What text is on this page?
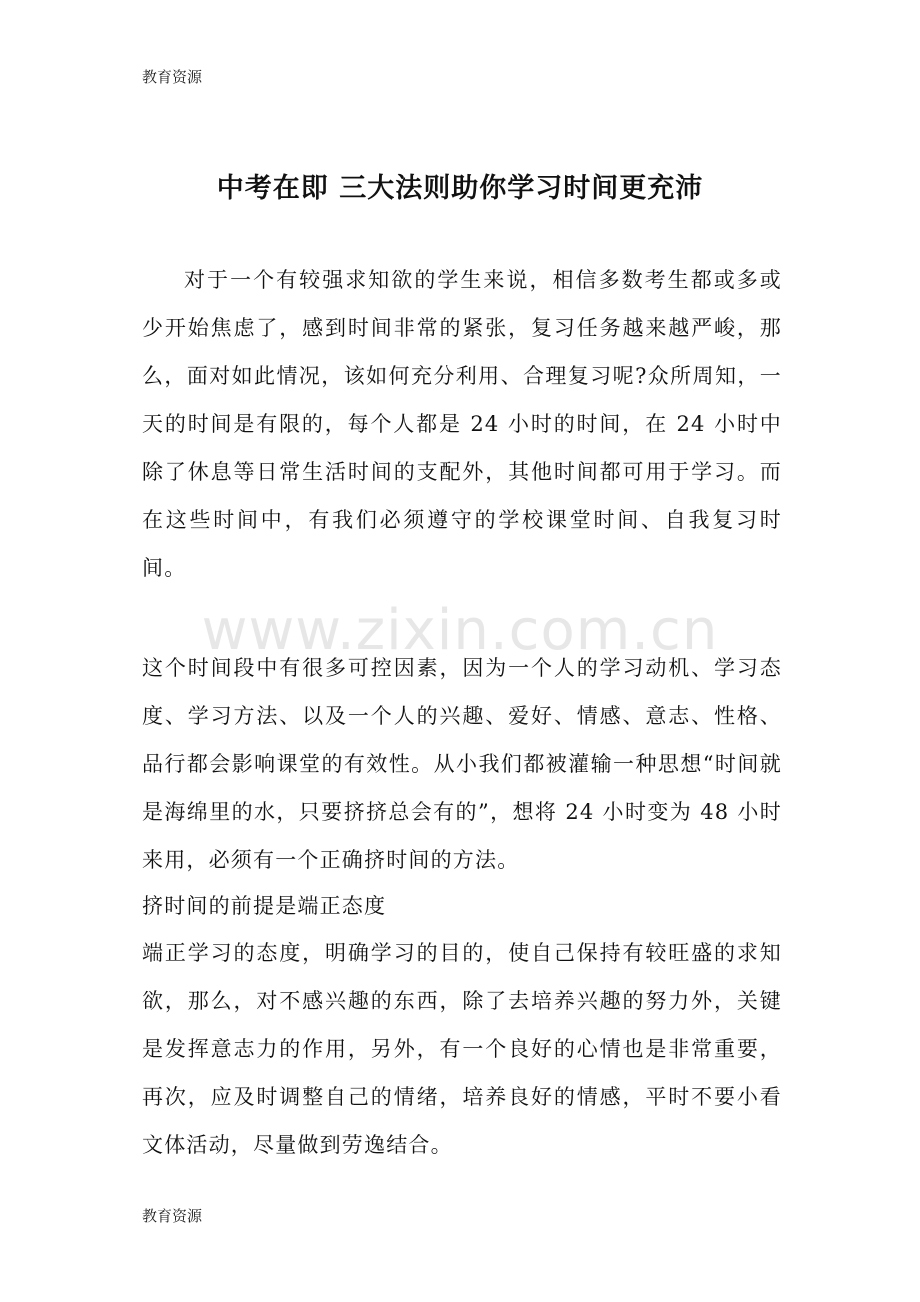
教育资源
中考在即 三大法则助你学习时间更充沛

对于一个有较强求知欲的学生来说，相信多数考生都或多或少开始焦虑了，感到时间非常的紧张，复习任务越来越严峻，那么，面对如此情况，该如何充分利用、合理复习呢?众所周知，一天的时间是有限的，每个人都是 24 小时的时间，在 24 小时中除了休息等日常生活时间的支配外，其他时间都可用于学习。而在这些时间中，有我们必须遵守的学校课堂时间、自我复习时间。

www.zixin.com.cn

这个时间段中有很多可控因素，因为一个人的学习动机、学习态度、学习方法、以及一个人的兴趣、爱好、情感、意志、性格、品行都会影响课堂的有效性。从小我们都被灌输一种思想“时间就是海绵里的水，只要挤挤总会有的”，想将 24 小时变为 48 小时来用，必须有一个正确挤时间的方法。

挤时间的前提是端正态度

端正学习的态度，明确学习的目的，使自己保持有较旺盛的求知欲，那么，对不感兴趣的东西，除了去培养兴趣的努力外，关键是发挥意志力的作用，另外，有一个良好的心情也是非常重要，再次，应及时调整自己的情绪，培养良好的情感，平时不要小看文体活动，尽量做到劳逸结合。

教育资源
